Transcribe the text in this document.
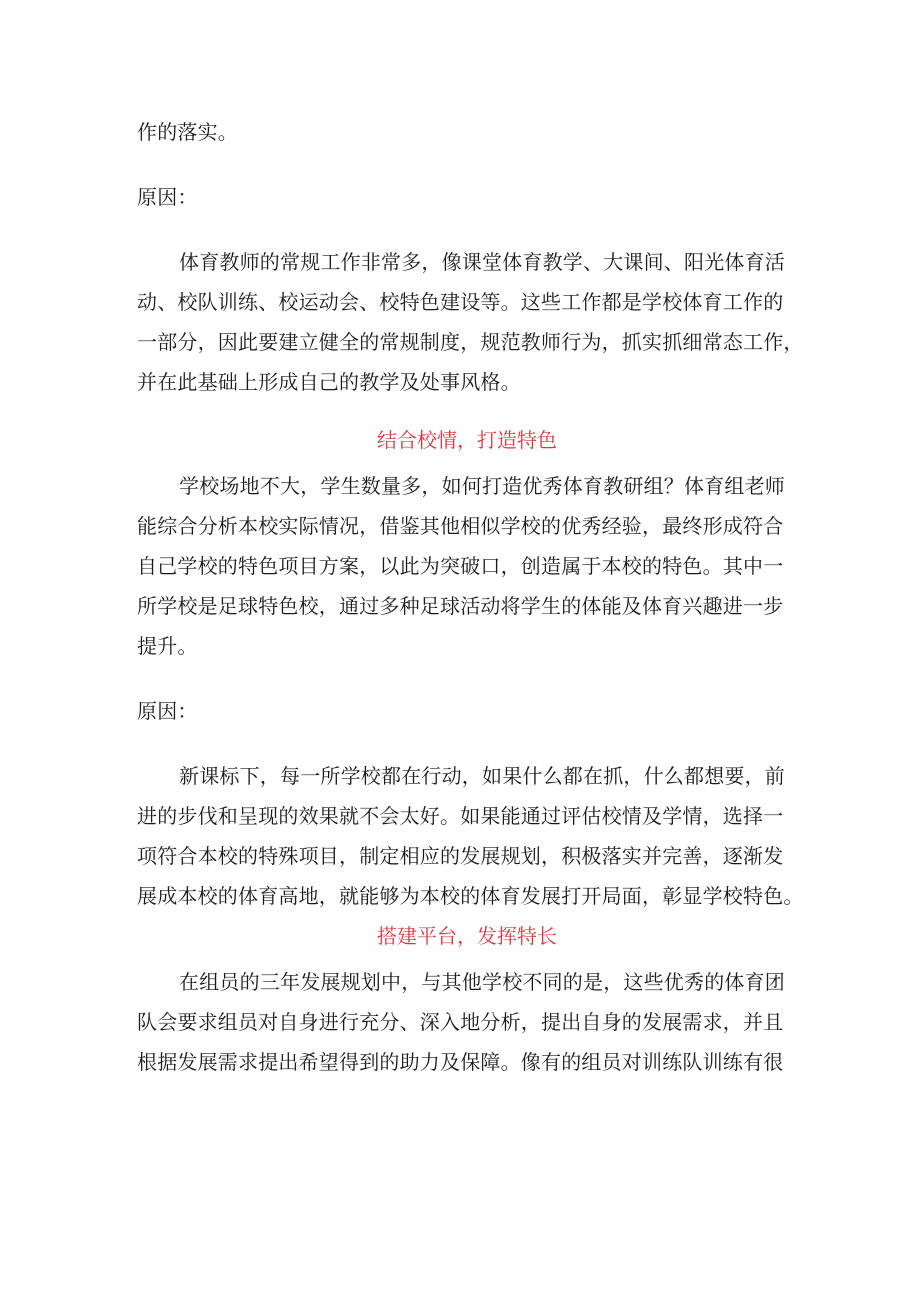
作的落实。
原因：
体育教师的常规工作非常多，像课堂体育教学、大课间、阳光体育活
动、校队训练、校运动会、校特色建设等。这些工作都是学校体育工作的
一部分，因此要建立健全的常规制度，规范教师行为，抓实抓细常态工作，
并在此基础上形成自己的教学及处事风格。
结合校情，打造特色
学校场地不大，学生数量多，如何打造优秀体育教研组？体育组老师
能综合分析本校实际情况，借鉴其他相似学校的优秀经验，最终形成符合
自己学校的特色项目方案，以此为突破口，创造属于本校的特色。其中一
所学校是足球特色校，通过多种足球活动将学生的体能及体育兴趣进一步
提升。
原因：
新课标下，每一所学校都在行动，如果什么都在抓，什么都想要，前
进的步伐和呈现的效果就不会太好。如果能通过评估校情及学情，选择一
项符合本校的特殊项目，制定相应的发展规划，积极落实并完善，逐渐发
展成本校的体育高地，就能够为本校的体育发展打开局面，彰显学校特色。
搭建平台，发挥特长
在组员的三年发展规划中，与其他学校不同的是，这些优秀的体育团
队会要求组员对自身进行充分、深入地分析，提出自身的发展需求，并且
根据发展需求提出希望得到的助力及保障。像有的组员对训练队训练有很
